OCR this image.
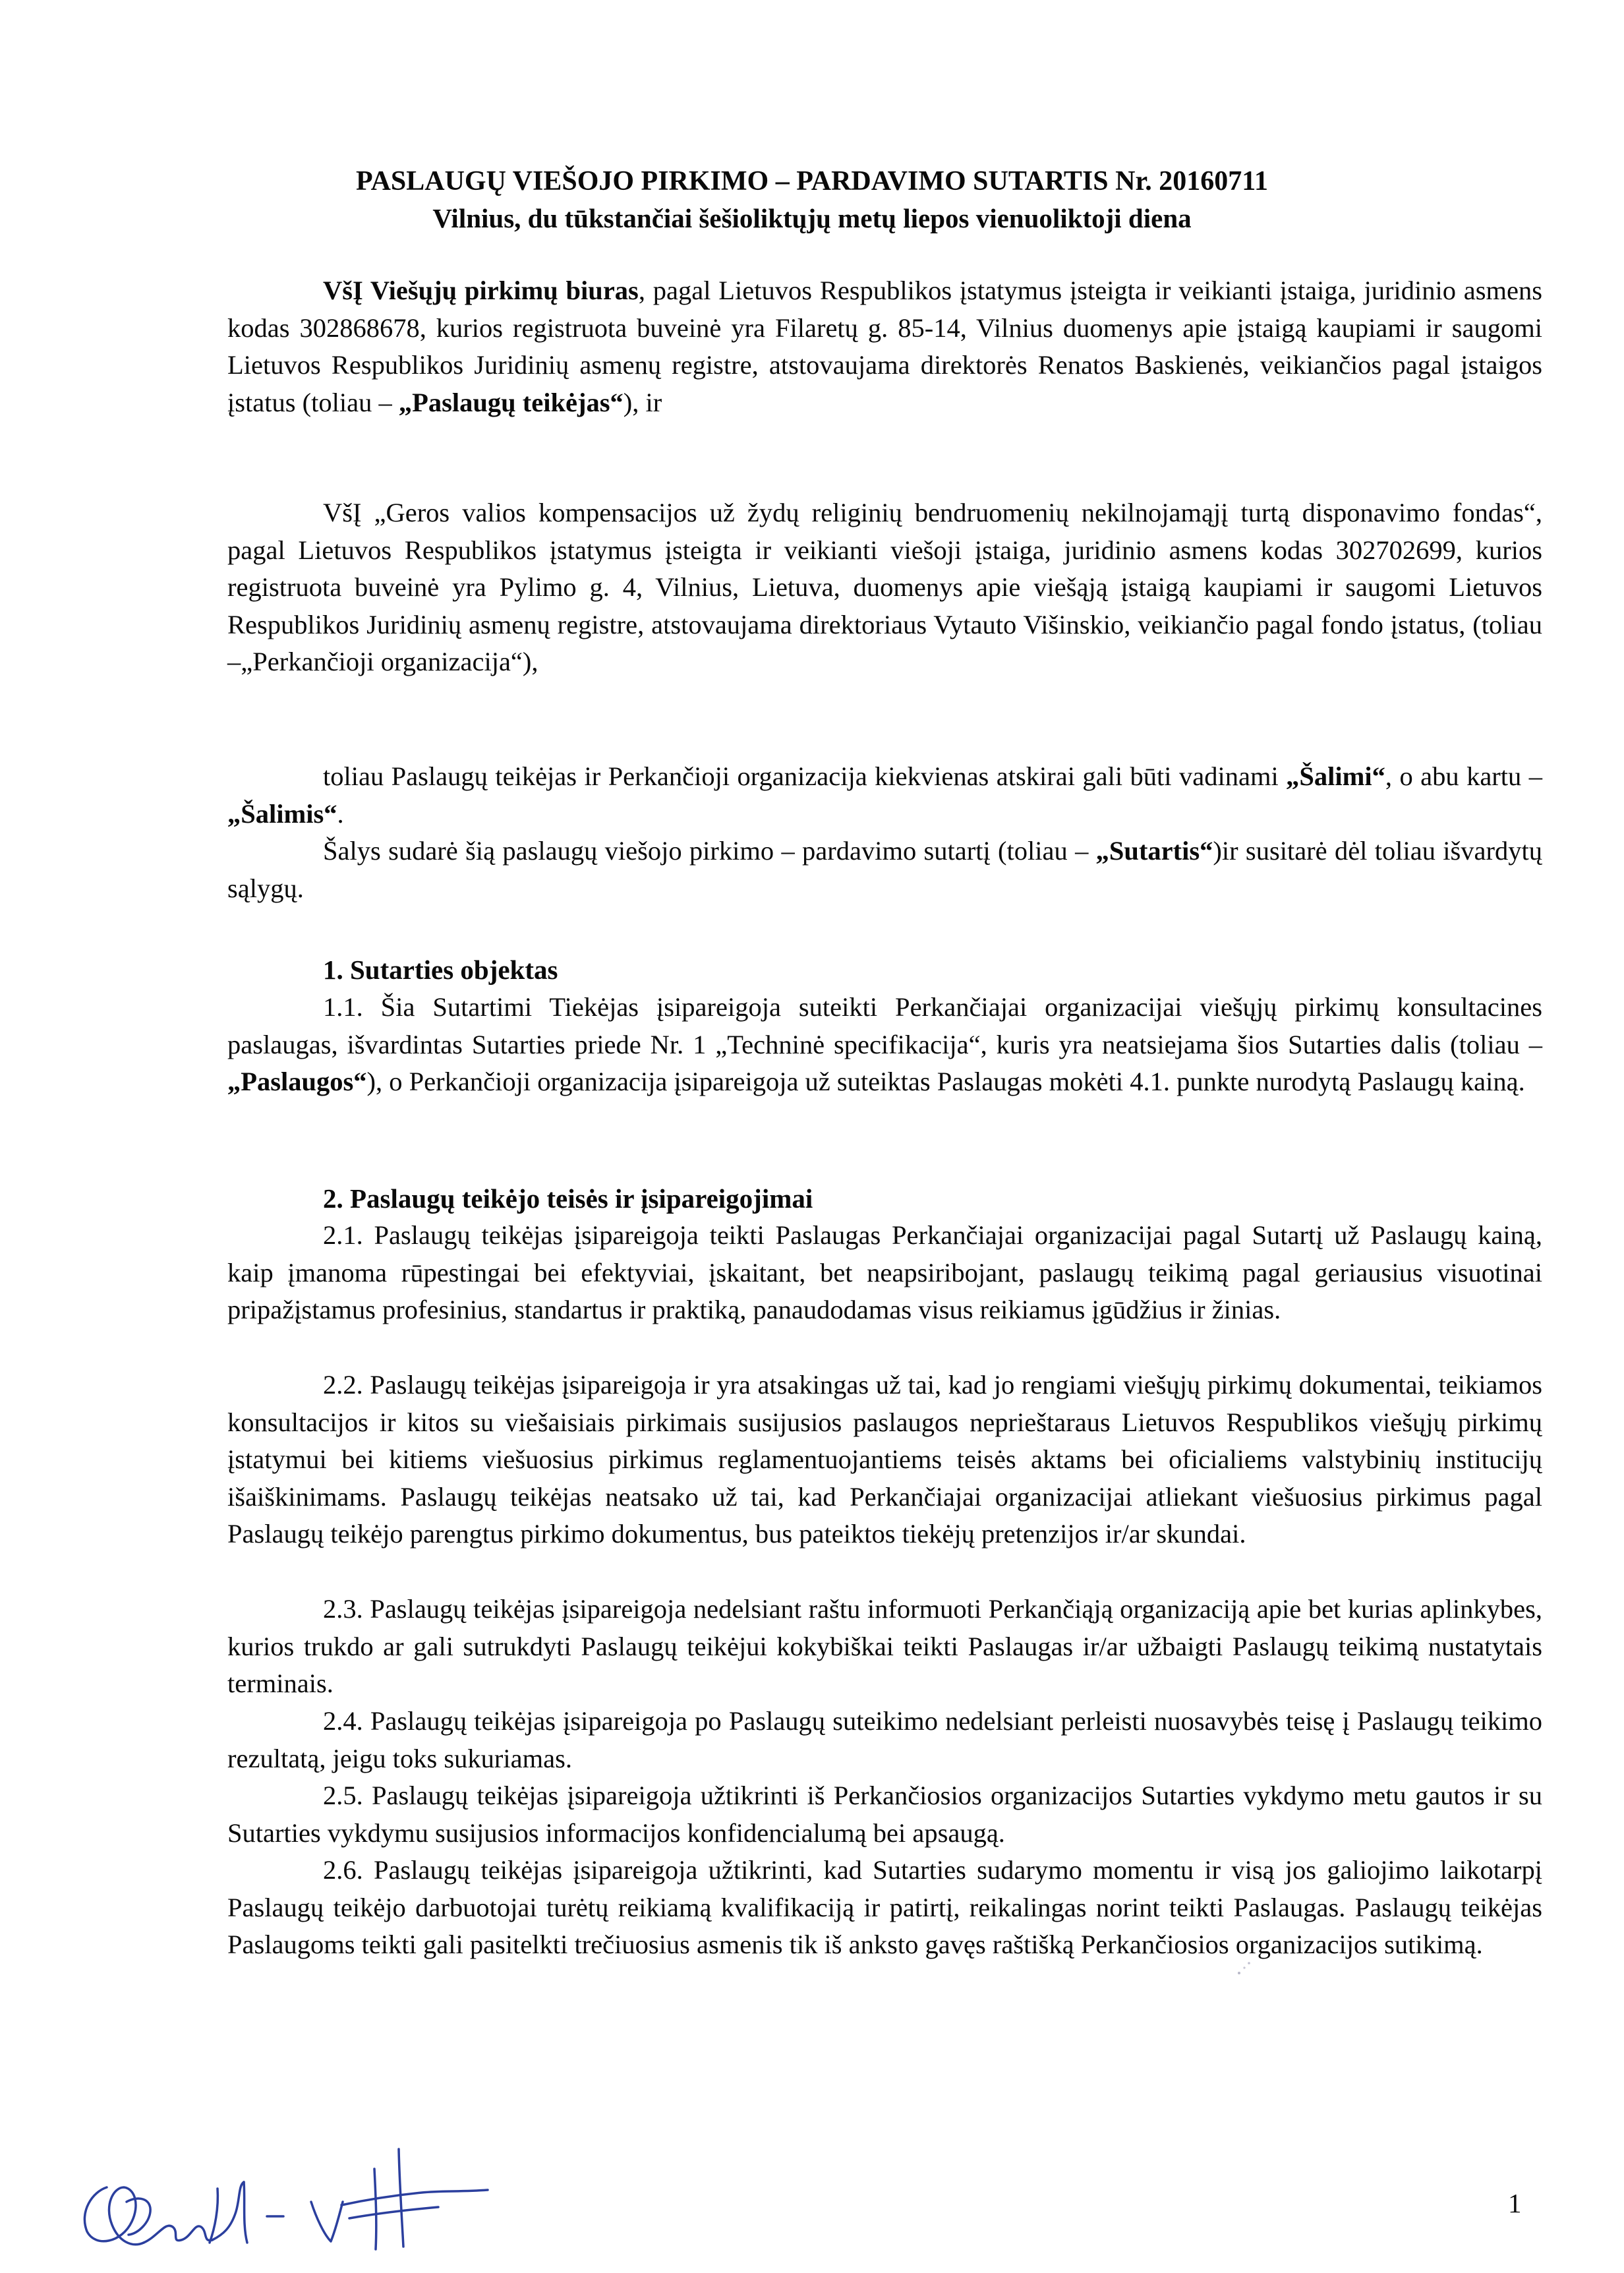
PASLAUGŲ VIEŠOJO PIRKIMO – PARDAVIMO SUTARTIS Nr. 20160711
Vilnius, du tūkstančiai šešioliktųjų metų liepos vienuoliktoji diena

VšĮ Viešųjų pirkimų biuras, pagal Lietuvos Respublikos įstatymus įsteigta ir veikianti įstaiga, juridinio asmens kodas 302868678, kurios registruota buveinė yra Filaretų g. 85-14, Vilnius duomenys apie įstaigą kaupiami ir saugomi Lietuvos Respublikos Juridinių asmenų registre, atstovaujama direktorės Renatos Baskienės, veikiančios pagal įstaigos įstatus (toliau – „Paslaugų teikėjas“), ir

VšĮ „Geros valios kompensacijos už žydų religinių bendruomenių nekilnojamąjį turtą disponavimo fondas“, pagal Lietuvos Respublikos įstatymus įsteigta ir veikianti viešoji įstaiga, juridinio asmens kodas 302702699, kurios registruota buveinė yra Pylimo g. 4, Vilnius, Lietuva, duomenys apie viešąją įstaigą kaupiami ir saugomi Lietuvos Respublikos Juridinių asmenų registre, atstovaujama direktoriaus Vytauto Višinskio, veikiančio pagal fondo įstatus, (toliau –„Perkančioji organizacija“),

toliau Paslaugų teikėjas ir Perkančioji organizacija kiekvienas atskirai gali būti vadinami „Šalimi“, o abu kartu – „Šalimis“.

Šalys sudarė šią paslaugų viešojo pirkimo – pardavimo sutartį (toliau – „Sutartis“)ir susitarė dėl toliau išvardytų sąlygų.

1. Sutarties objektas

1.1. Šia Sutartimi Tiekėjas įsipareigoja suteikti Perkančiajai organizacijai viešųjų pirkimų konsultacines paslaugas, išvardintas Sutarties priede Nr. 1 „Techninė specifikacija“, kuris yra neatsiejama šios Sutarties dalis (toliau – „Paslaugos“), o Perkančioji organizacija įsipareigoja už suteiktas Paslaugas mokėti 4.1. punkte nurodytą Paslaugų kainą.

2. Paslaugų teikėjo teisės ir įsipareigojimai

2.1. Paslaugų teikėjas įsipareigoja teikti Paslaugas Perkančiajai organizacijai pagal Sutartį už Paslaugų kainą, kaip įmanoma rūpestingai bei efektyviai, įskaitant, bet neapsiribojant, paslaugų teikimą pagal geriausius visuotinai pripažįstamus profesinius, standartus ir praktiką, panaudodamas visus reikiamus įgūdžius ir žinias.

2.2. Paslaugų teikėjas įsipareigoja ir yra atsakingas už tai, kad jo rengiami viešųjų pirkimų dokumentai, teikiamos konsultacijos ir kitos su viešaisiais pirkimais susijusios paslaugos neprieštaraus Lietuvos Respublikos viešųjų pirkimų įstatymui bei kitiems viešuosius pirkimus reglamentuojantiems teisės aktams bei oficialiems valstybinių institucijų išaiškinimams. Paslaugų teikėjas neatsako už tai, kad Perkančiajai organizacijai atliekant viešuosius pirkimus pagal Paslaugų teikėjo parengtus pirkimo dokumentus, bus pateiktos tiekėjų pretenzijos ir/ar skundai.

2.3. Paslaugų teikėjas įsipareigoja nedelsiant raštu informuoti Perkančiąją organizaciją apie bet kurias aplinkybes, kurios trukdo ar gali sutrukdyti Paslaugų teikėjui kokybiškai teikti Paslaugas ir/ar užbaigti Paslaugų teikimą nustatytais terminais.

2.4. Paslaugų teikėjas įsipareigoja po Paslaugų suteikimo nedelsiant perleisti nuosavybės teisę į Paslaugų teikimo rezultatą, jeigu toks sukuriamas.

2.5. Paslaugų teikėjas įsipareigoja užtikrinti iš Perkančiosios organizacijos Sutarties vykdymo metu gautos ir su Sutarties vykdymu susijusios informacijos konfidencialumą bei apsaugą.

2.6. Paslaugų teikėjas įsipareigoja užtikrinti, kad Sutarties sudarymo momentu ir visą jos galiojimo laikotarpį Paslaugų teikėjo darbuotojai turėtų reikiamą kvalifikaciją ir patirtį, reikalingas norint teikti Paslaugas. Paslaugų teikėjas Paslaugoms teikti gali pasitelkti trečiuosius asmenis tik iš anksto gavęs raštišką Perkančiosios organizacijos sutikimą.

1
